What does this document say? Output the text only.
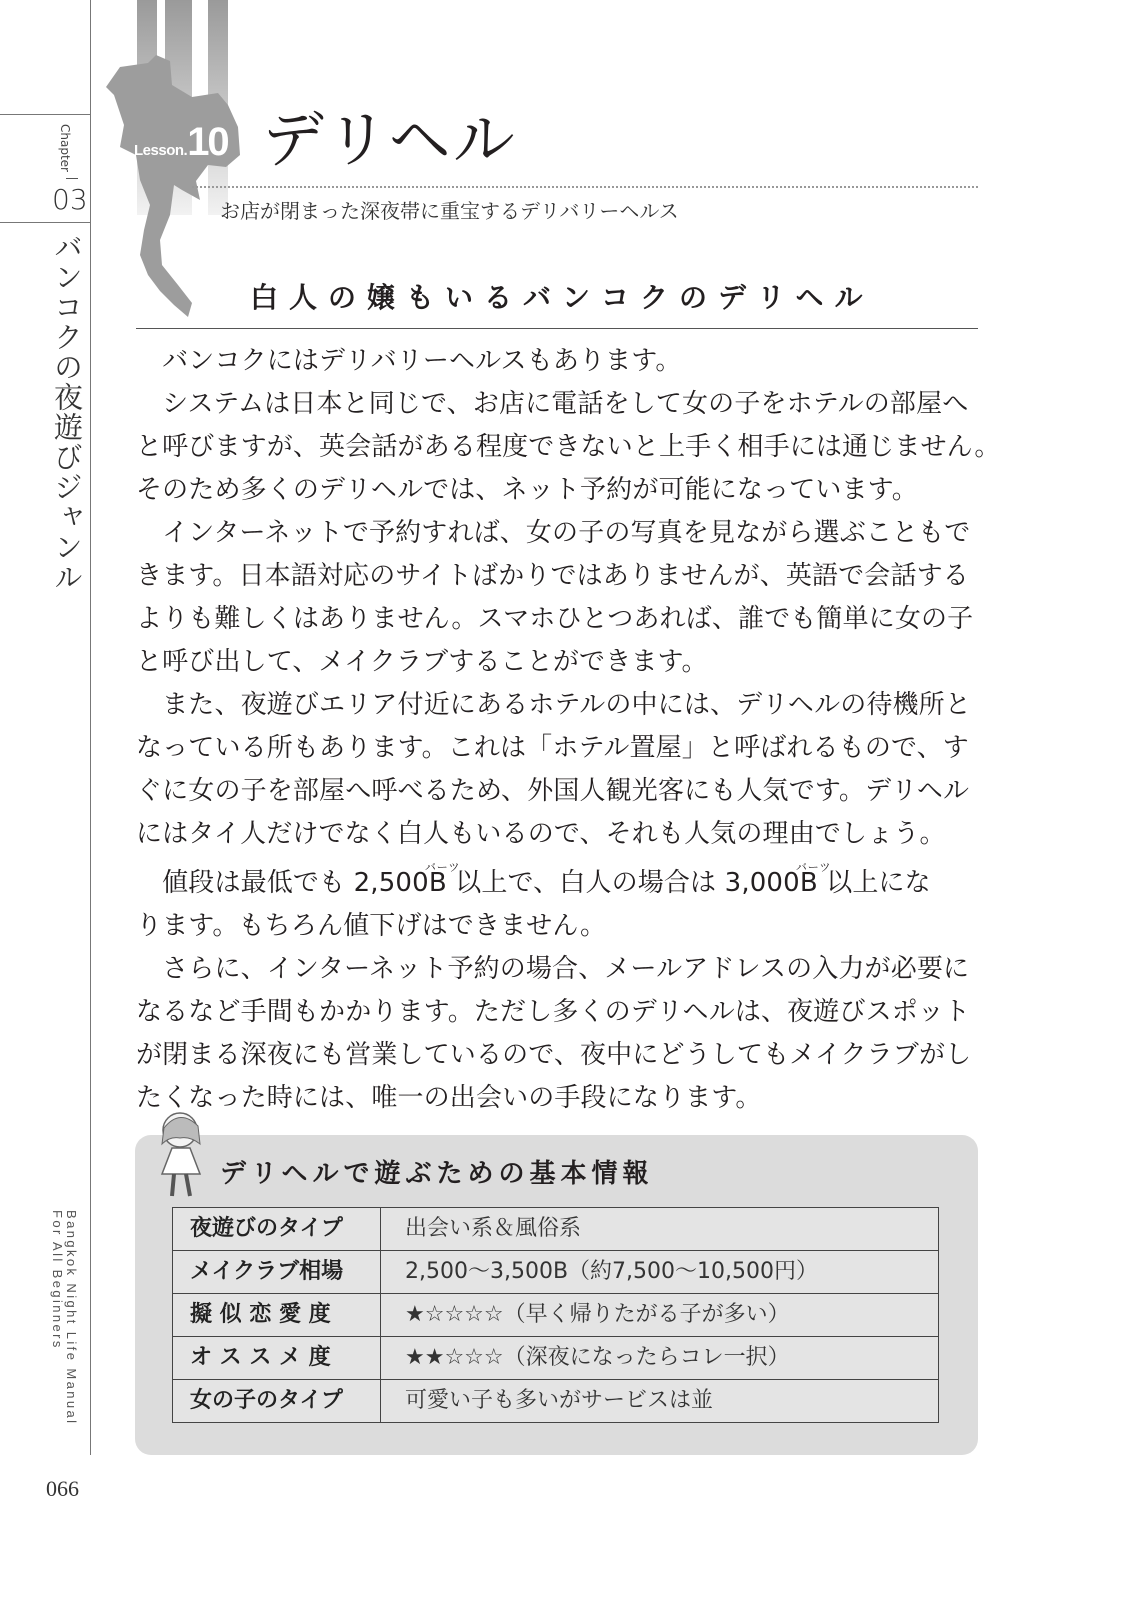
Chapter
03
バンコクの夜遊びジャンル
Bangkok Night Life Manual
For All Beginners
066
Lesson.10 デリヘル
お店が閉まった深夜帯に重宝するデリバリーヘルス
白人の嬢もいるバンコクのデリヘル
　バンコクにはデリバリーヘルスもあります。
　システムは日本と同じで、お店に電話をして女の子をホテルの部屋へ
と呼びますが、英会話がある程度できないと上手く相手には通じません。
そのため多くのデリヘルでは、ネット予約が可能になっています。
　インターネットで予約すれば、女の子の写真を見ながら選ぶこともで
きます。日本語対応のサイトばかりではありませんが、英語で会話する
よりも難しくはありません。スマホひとつあれば、誰でも簡単に女の子
と呼び出して、メイクラブすることができます。
　また、夜遊びエリア付近にあるホテルの中には、デリヘルの待機所と
なっている所もあります。これは「ホテル置屋」と呼ばれるもので、す
ぐに女の子を部屋へ呼べるため、外国人観光客にも人気です。デリヘル
にはタイ人だけでなく白人もいるので、それも人気の理由でしょう。
　値段は最低でも 2,500
バーツ
B 以上で、白人の場合は 3,000
バーツ
B 以上にな
ります。もちろん値下げはできません。
　さらに、インターネット予約の場合、メールアドレスの入力が必要に
なるなど手間もかかります。ただし多くのデリヘルは、夜遊びスポット
が閉まる深夜にも営業しているので、夜中にどうしてもメイクラブがし
たくなった時には、唯一の出会いの手段になります。
デリヘルで遊ぶための基本情報
夜遊びのタイプ	出会い系＆風俗系
メイクラブ相場	2,500〜3,500B（約7,500〜10,500円）
擬 似 恋 愛 度	★☆☆☆☆（早く帰りたがる子が多い）
オ ス ス メ 度	★★☆☆☆（深夜になったらコレ一択）
女の子のタイプ	可愛い子も多いがサービスは並
